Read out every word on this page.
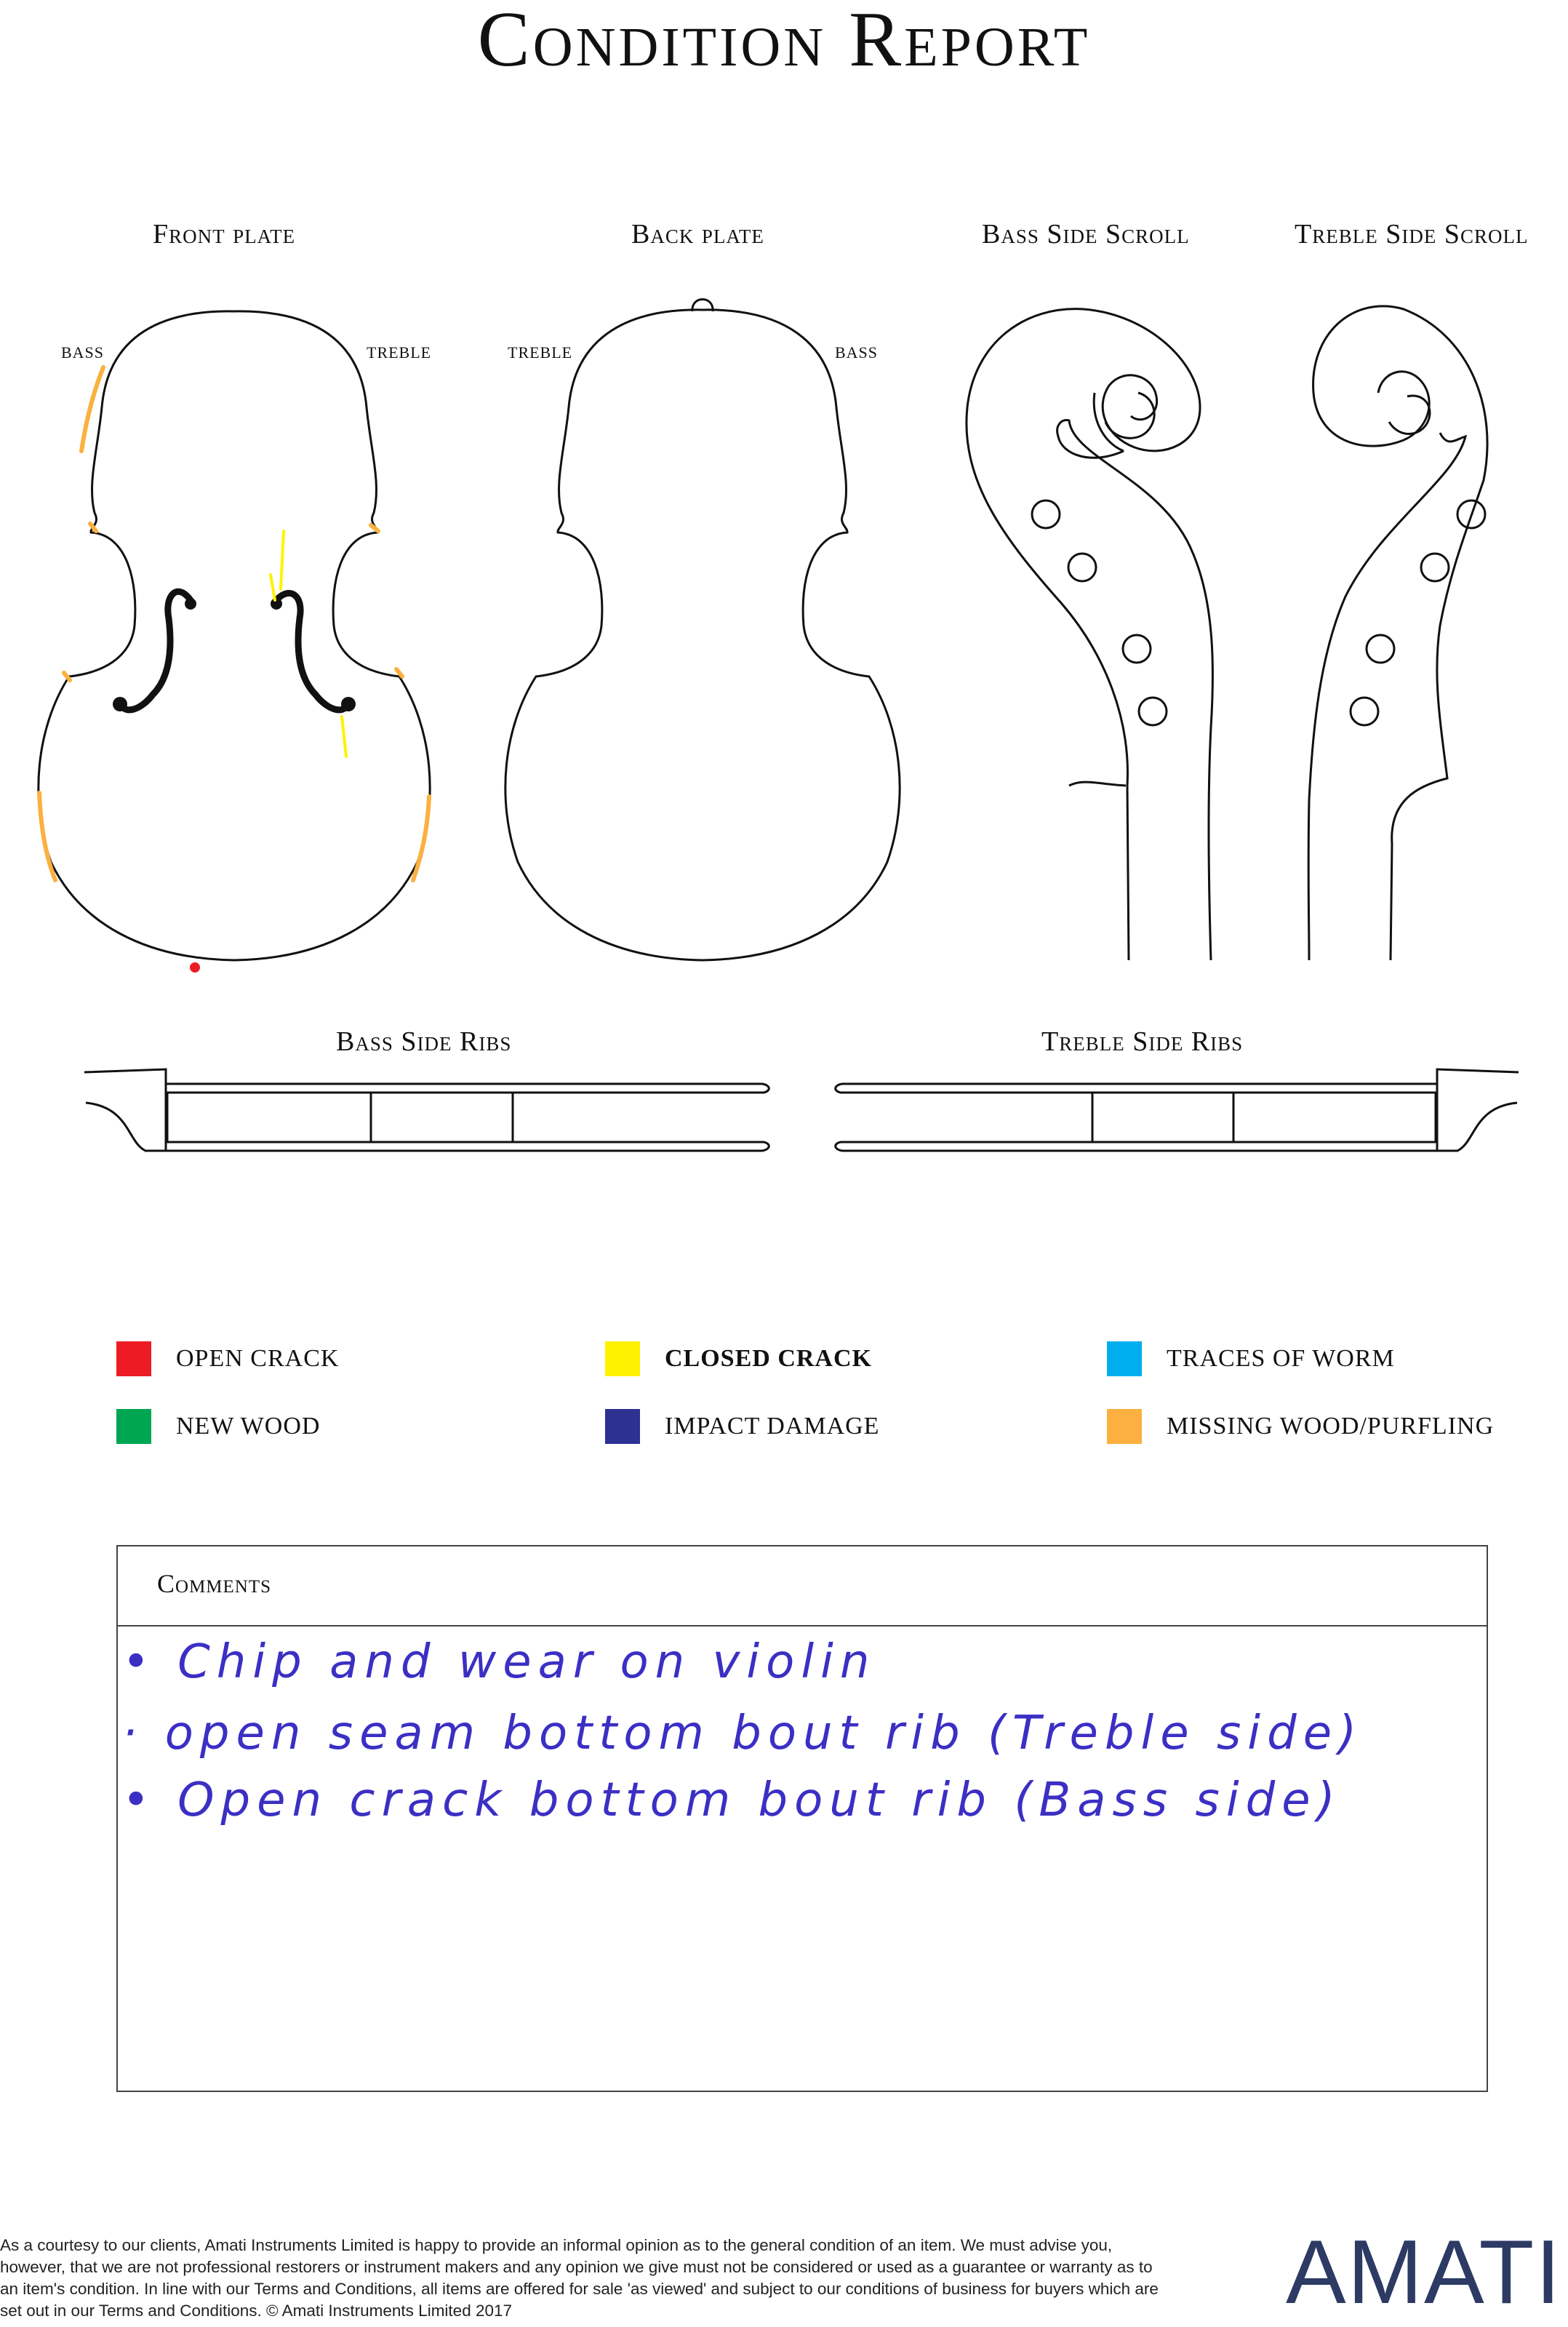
Condition Report
Front plate	Back plate	Bass Side Scroll	Treble Side Scroll
Bass Side Ribs	Treble Side Ribs
BASS	TREBLE	TREBLE	BASS
OPEN CRACK	CLOSED CRACK	TRACES OF WORM
NEW WOOD	IMPACT DAMAGE	MISSING WOOD/PURFLING
Comments
• Chip and wear on violin
· open seam bottom bout rib (Treble side)
• Open crack bottom bout rib (Bass side)
As a courtesy to our clients, Amati Instruments Limited is happy to provide an informal opinion as to the general condition of an item. We must advise you, however, that we are not professional restorers or instrument makers and any opinion we give must not be considered or used as a guarantee or warranty as to an item's condition. In line with our Terms and Conditions, all items are offered for sale 'as viewed' and subject to our conditions of business for buyers which are set out in our Terms and Conditions. © Amati Instruments Limited 2017	AMATI
